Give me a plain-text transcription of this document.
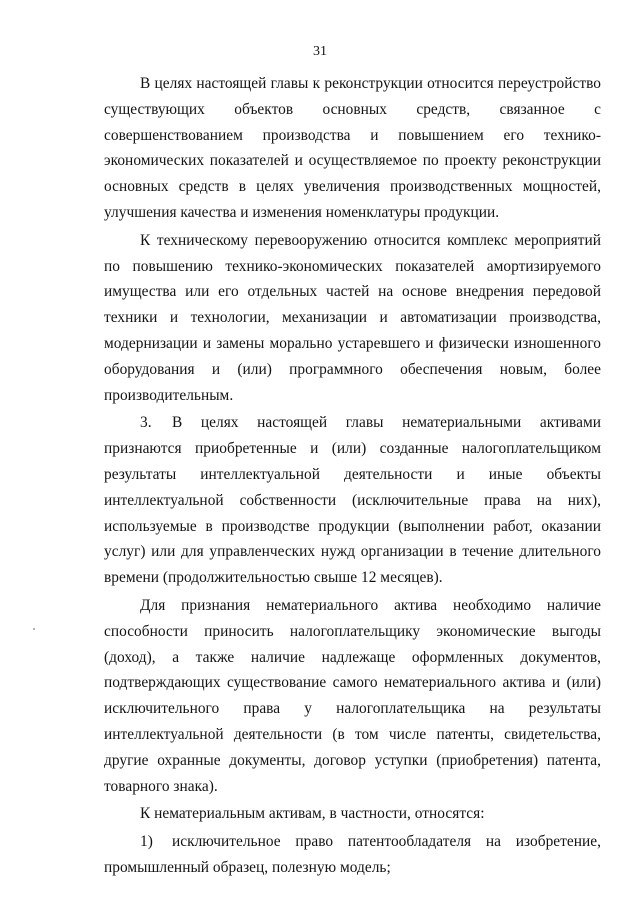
31

В целях настоящей главы к реконструкции относится переустройство существующих объектов основных средств, связанное с совершенствованием производства и повышением его технико-экономических показателей и осуществляемое по проекту реконструкции основных средств в целях увеличения производственных мощностей, улучшения качества и изменения номенклатуры продукции.

К техническому перевооружению относится комплекс мероприятий по повышению технико-экономических показателей амортизируемого имущества или его отдельных частей на основе внедрения передовой техники и технологии, механизации и автоматизации производства, модернизации и замены морально устаревшего и физически изношенного оборудования и (или) программного обеспечения новым, более производительным.

3. В целях настоящей главы нематериальными активами признаются приобретенные и (или) созданные налогоплательщиком результаты интеллектуальной деятельности и иные объекты интеллектуальной собственности (исключительные права на них), используемые в производстве продукции (выполнении работ, оказании услуг) или для управленческих нужд организации в течение длительного времени (продолжительностью свыше 12 месяцев).

Для признания нематериального актива необходимо наличие способности приносить налогоплательщику экономические выгоды (доход), а также наличие надлежаще оформленных документов, подтверждающих существование самого нематериального актива и (или) исключительного права у налогоплательщика на результаты интеллектуальной деятельности (в том числе патенты, свидетельства, другие охранные документы, договор уступки (приобретения) патента, товарного знака).

К нематериальным активам, в частности, относятся:

1) исключительное право патентообладателя на изобретение, промышленный образец, полезную модель;
